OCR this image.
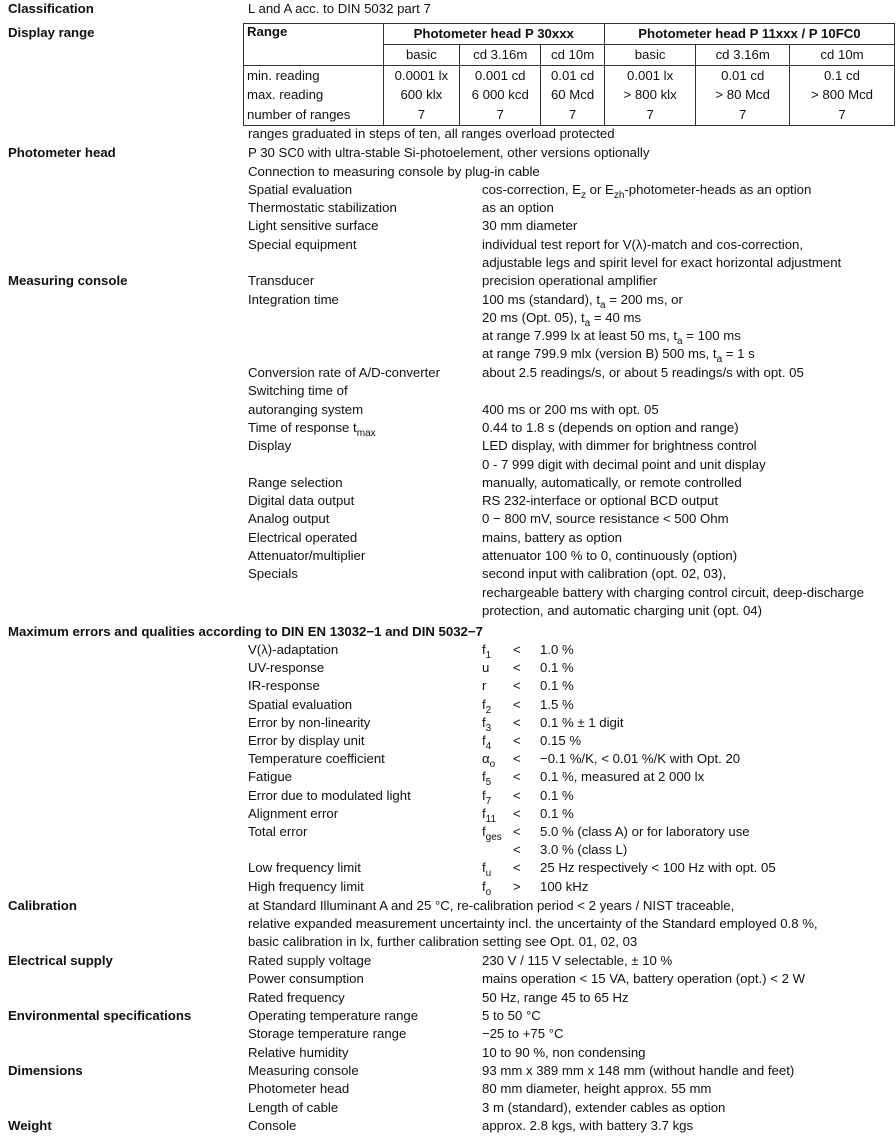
Classification	L and A acc. to DIN 5032 part 7
Display range	Range	Photometer head P 30xxx			Photometer head P 11xxx / P 10FC0		
	basic	cd 3.16m	cd 10m	basic	cd 3.16m	cd 10m
min. reading	0.0001 lx	0.001 cd	0.01 cd	0.001 lx	0.01 cd	0.1 cd
max. reading	600 klx	6 000 kcd	60 Mcd	> 800 klx	> 80 Mcd	> 800 Mcd
number of ranges	7	7	7	7	7	7
ranges graduated in steps of ten, all ranges overload protected
Photometer head	P 30 SC0 with ultra-stable Si-photoelement, other versions optionally
Connection to measuring console by plug-in cable
Spatial evaluation	cos-correction, $E_z$ or $E_{zh}-photometer$-heads as an option
Thermostatic stabilization	as an option
Light sensitive surface	30 mm diameter
Special equipment	individual test report for V(λ)-match and cos-correction,
adjustable legs and spirit level for exact horizontal adjustment
Measuring console	Transducer	precision operational amplifier
Integration time	100 ms (standard), $t_a = 200$ ms, or
20 ms (Opt. 05), $t_a = 40$ ms
at range 7.999 lx at least 50 ms, $t_a = 100$ ms
at range 799.9 mlx (version B) 500 ms, $t_a = 1$ s
Conversion rate of A/D-converter	about 2.5 readings/s, or about 5 readings/s with opt. 05
Switching time of
autoranging system	400 ms or 200 ms with opt. 05
Time of response $t_{max}$	0.44 to 1.8 s (depends on option and range)
Display	LED display, with dimmer for brightness control
0 - 7 999 digit with decimal point and unit display
Range selection	manually, automatically, or remote controlled
Digital data output	RS 232-interface or optional BCD output
Analog output	0 − 800 mV, source resistance < 500 Ohm
Electrical operated	mains, battery as option
Attenuator/multiplier	attenuator 100 % to 0, continuously (option)
Specials	second input with calibration (opt. 02, 03),
rechargeable battery with charging control circuit, deep-discharge
protection, and automatic charging unit (opt. 04)
Maximum errors and qualities according to DIN EN 13032−1 and DIN 5032−7
V(λ)-adaptation	$f_1 < 1.0$ %
UV-response	u < 0.1 %
IR-response	r < 0.1 %
Spatial evaluation	$f_2 < 1.5$ %
Error by non-linearity	$f_3 < 0.1$ % ± 1 digit
Error by display unit	$f_4 < 0.15$ %
Temperature coefficient	$\alpha_o < -0.1$ %/K, < 0.01 %/K with Opt. 20
Fatigue	$f_5 < 0.1$ %, measured at 2 000 lx
Error due to modulated light	$f_7 < 0.1$ %
Alignment error	$f_{11} < 0.1$ %
Total error	$f_{ges} < 5.0$ % (class A) or for laboratory use
< 3.0 % (class L)
Low frequency limit	$f_u < 25$ Hz respectively < 100 Hz with opt. 05
High frequency limit	$f_o > 100$ kHz
Calibration	at Standard Illuminant A and 25 °C, re-calibration period < 2 years / NIST traceable,
relative expanded measurement uncertainty incl. the uncertainty of the Standard employed 0.8 %,
basic calibration in lx, further calibration setting see Opt. 01, 02, 03
Electrical supply	Rated supply voltage	230 V / 115 V selectable, ± 10 %
Power consumption	mains operation < 15 VA, battery operation (opt.) < 2 W
Rated frequency	50 Hz, range 45 to 65 Hz
Environmental specifications	Operating temperature range	5 to 50 °C
Storage temperature range	−25 to +75 °C
Relative humidity	10 to 90 %, non condensing
Dimensions	Measuring console	93 mm x 389 mm x 148 mm (without handle and feet)
Photometer head	80 mm diameter, height approx. 55 mm
Length of cable	3 m (standard), extender cables as option
Weight	Console	approx. 2.8 kgs, with battery 3.7 kgs
